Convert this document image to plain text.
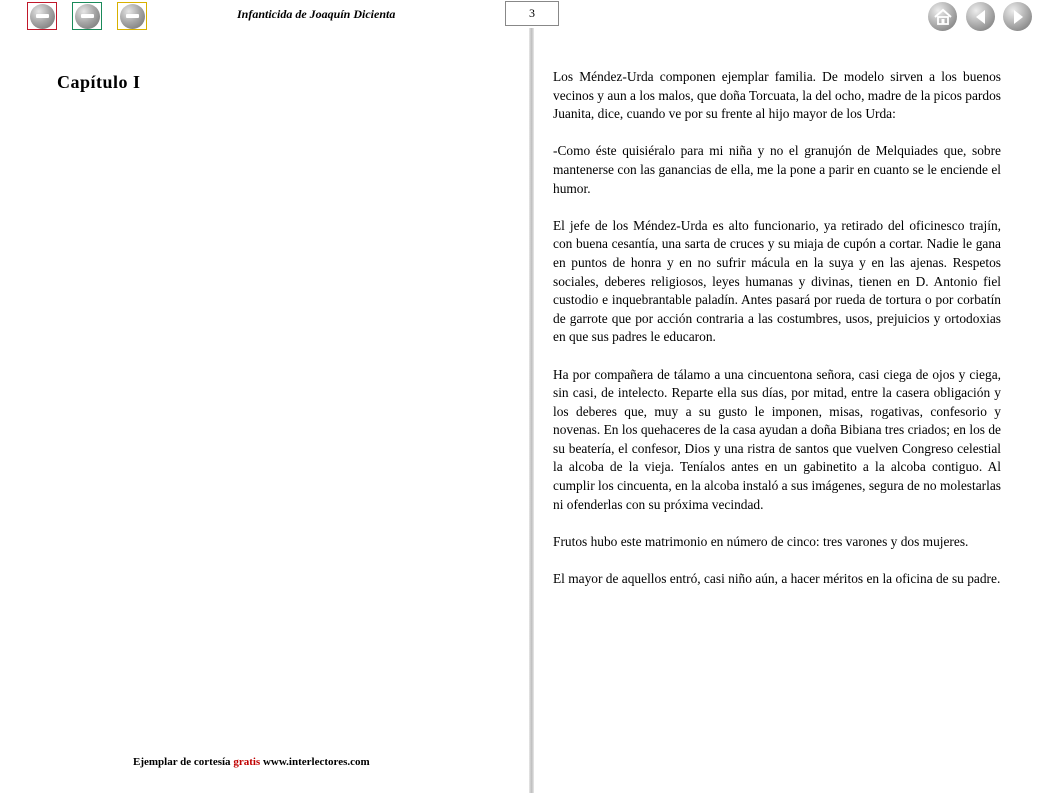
Infanticida de Joaquín Dicienta	3
Capítulo I
Ejemplar de cortesía gratis www.interlectores.com

Los Méndez-Urda componen ejemplar familia. De modelo sirven a los buenos vecinos y aun a los malos, que doña Torcuata, la del ocho, madre de la picos pardos Juanita, dice, cuando ve por su frente al hijo mayor de los Urda:

-Como éste quisiéralo para mi niña y no el granujón de Melquiades que, sobre mantenerse con las ganancias de ella, me la pone a parir en cuanto se le enciende el humor.

El jefe de los Méndez-Urda es alto funcionario, ya retirado del oficinesco trajín, con buena cesantía, una sarta de cruces y su miaja de cupón a cortar. Nadie le gana en puntos de honra y en no sufrir mácula en la suya y en las ajenas. Respetos sociales, deberes religiosos, leyes humanas y divinas, tienen en D. Antonio fiel custodio e inquebrantable paladín. Antes pasará por rueda de tortura o por corbatín de garrote que por acción contraria a las costumbres, usos, prejuicios y ortodoxias en que sus padres le educaron.

Ha por compañera de tálamo a una cincuentona señora, casi ciega de ojos y ciega, sin casi, de intelecto. Reparte ella sus días, por mitad, entre la casera obligación y los deberes que, muy a su gusto le imponen, misas, rogativas, confesorio y novenas. En los quehaceres de la casa ayudan a doña Bibiana tres criados; en los de su beatería, el confesor, Dios y una ristra de santos que vuelven Congreso celestial la alcoba de la vieja. Teníalos antes en un gabinetito a la alcoba contiguo. Al cumplir los cincuenta, en la alcoba instaló a sus imágenes, segura de no molestarlas ni ofenderlas con su próxima vecindad.

Frutos hubo este matrimonio en número de cinco: tres varones y dos mujeres.

El mayor de aquellos entró, casi niño aún, a hacer méritos en la oficina de su padre.
